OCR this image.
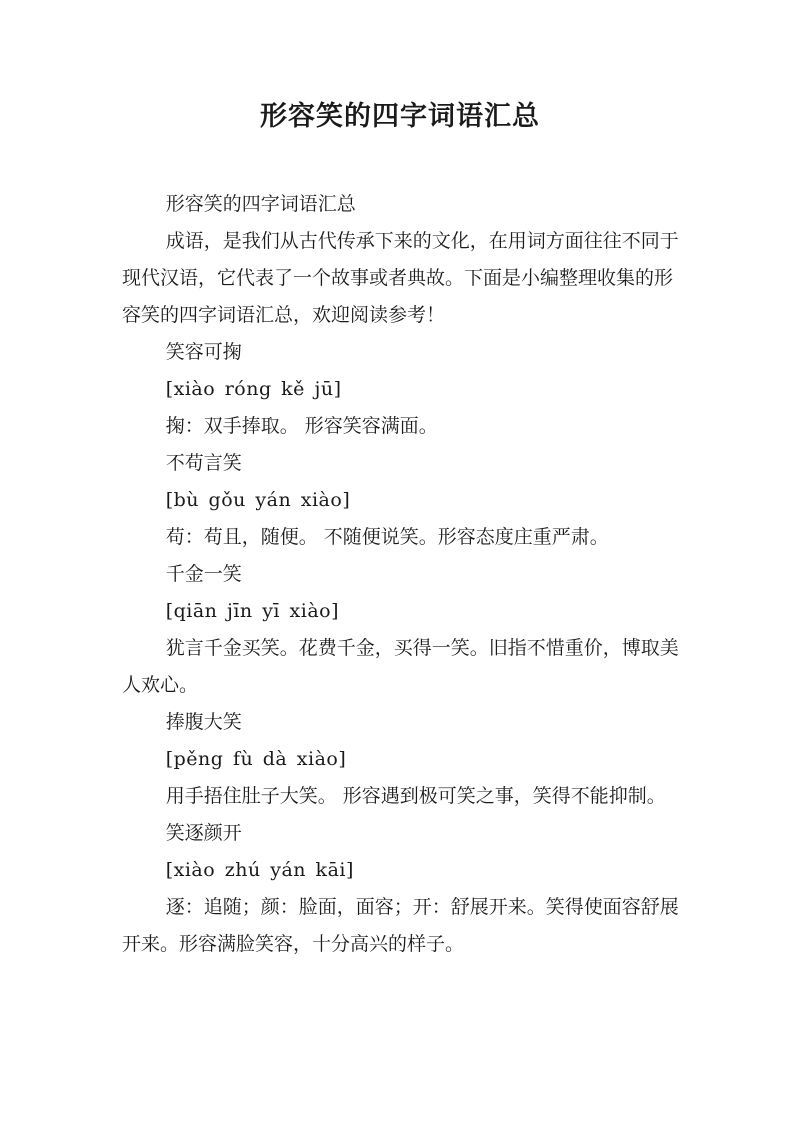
形容笑的四字词语汇总

形容笑的四字词语汇总

成语，是我们从古代传承下来的文化，在用词方面往往不同于现代汉语，它代表了一个故事或者典故。下面是小编整理收集的形容笑的四字词语汇总，欢迎阅读参考！

笑容可掬

[xiào róng kě jū]

掬：双手捧取。 形容笑容满面。

不苟言笑

[bù gǒu yán xiào]

苟：苟且，随便。 不随便说笑。形容态度庄重严肃。

千金一笑

[qiān jīn yī xiào]

犹言千金买笑。花费千金，买得一笑。旧指不惜重价，博取美人欢心。

捧腹大笑

[pěng fù dà xiào]

用手捂住肚子大笑。 形容遇到极可笑之事，笑得不能抑制。

笑逐颜开

[xiào zhú yán kāi]

逐：追随；颜：脸面，面容；开：舒展开来。笑得使面容舒展开来。形容满脸笑容，十分高兴的样子。
